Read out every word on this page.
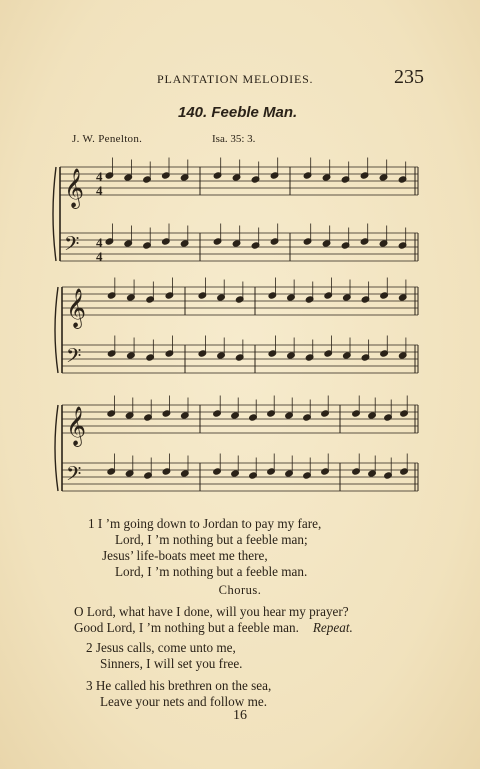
PLANTATION MELODIES.	235
140. Feeble Man.
J. W. Penelton.	Isa. 35: 3.
𝄞
𝄢
4
4
4
4
𝄞
𝄢
𝄞
𝄢
1 I ’m going down to Jordan to pay my fare,
Lord, I ’m nothing but a feeble man;
Jesus’ life-boats meet me there,
Lord, I ’m nothing but a feeble man.
Chorus.
O Lord, what have I done, will you hear my prayer?
Good Lord, I ’m nothing but a feeble man. Repeat.
2 Jesus calls, come unto me,
Sinners, I will set you free.
3 He called his brethren on the sea,
Leave your nets and follow me.
16
